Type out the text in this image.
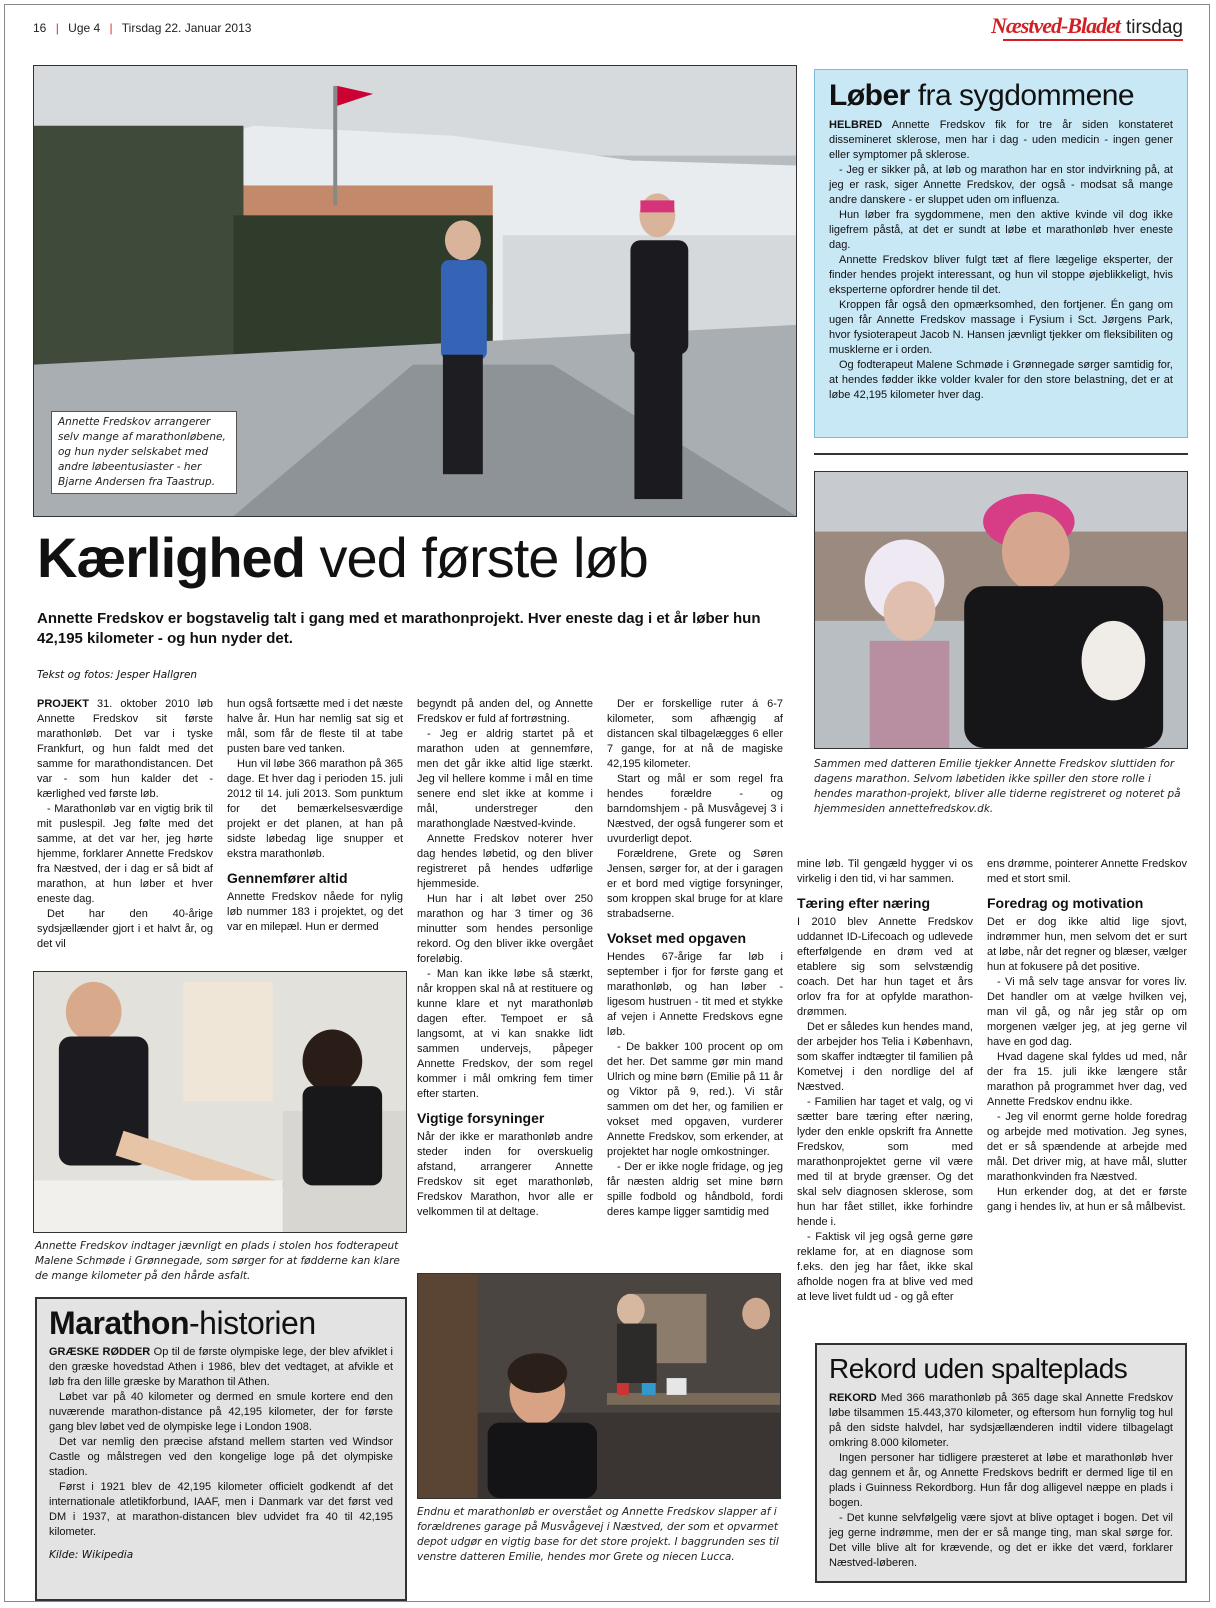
16 | Uge 4 | Tirsdag 22. Januar 2013	Næstved-Bladet tirsdag
Annette Fredskov arrangerer selv mange af marathonløbene, og hun nyder selskabet med andre løbeentusiaster - her Bjarne Andersen fra Taastrup.
Løber fra sygdommene

HELBRED Annette Fredskov fik for tre år siden konstateret dissemineret sklerose, men har i dag - uden medicin - ingen gener eller symptomer på sklerose.

- Jeg er sikker på, at løb og marathon har en stor indvirkning på, at jeg er rask, siger Annette Fredskov, der også - modsat så mange andre danskere - er sluppet uden om influenza.

Hun løber fra sygdommene, men den aktive kvinde vil dog ikke ligefrem påstå, at det er sundt at løbe et marathonløb hver eneste dag.

Annette Fredskov bliver fulgt tæt af flere lægelige eksperter, der finder hendes projekt interessant, og hun vil stoppe øjeblikkeligt, hvis eksperterne opfordrer hende til det.

Kroppen får også den opmærksomhed, den fortjener. Én gang om ugen får Annette Fredskov massage i Fysium i Sct. Jørgens Park, hvor fysioterapeut Jacob N. Hansen jævnligt tjekker om fleksibiliten og musklerne er i orden.

Og fodterapeut Malene Schmøde i Grønnegade sørger samtidig for, at hendes fødder ikke volder kvaler for den store belastning, det er at løbe 42,195 kilometer hver dag.

Sammen med datteren Emilie tjekker Annette Fredskov sluttiden for dagens marathon. Selvom løbetiden ikke spiller den store rolle i hendes marathon-projekt, bliver alle tiderne registreret og noteret på hjemmesiden annettefredskov.dk.
Kærlighed ved første løb
Annette Fredskov er bogstavelig talt i gang med et marathonprojekt. Hver eneste dag i et år løber hun 42,195 kilometer - og hun nyder det.
Tekst og fotos: Jesper Hallgren

PROJEKT 31. oktober 2010 løb Annette Fredskov sit første marathonløb. Det var i tyske Frankfurt, og hun faldt med det samme for marathondistancen. Det var - som hun kalder det - kærlighed ved første løb.

- Marathonløb var en vigtig brik til mit puslespil. Jeg følte med det samme, at det var her, jeg hørte hjemme, forklarer Annette Fredskov fra Næstved, der i dag er så bidt af marathon, at hun løber et hver eneste dag.

Det har den 40-årige sydsjællænder gjort i et halvt år, og det vil

hun også fortsætte med i det næste halve år. Hun har nemlig sat sig et mål, som får de fleste til at tabe pusten bare ved tanken.

Hun vil løbe 366 marathon på 365 dage. Et hver dag i perioden 15. juli 2012 til 14. juli 2013. Som punktum for det bemærkelsesværdige projekt er det planen, at han på sidste løbedag lige snupper et ekstra marathonløb.

Gennemfører altid

Annette Fredskov nåede for nylig løb nummer 183 i projektet, og det var en milepæl. Hun er dermed

begyndt på anden del, og Annette Fredskov er fuld af fortrøstning.

- Jeg er aldrig startet på et marathon uden at gennemføre, men det går ikke altid lige stærkt. Jeg vil hellere komme i mål en time senere end slet ikke at komme i mål, understreger den marathonglade Næstved-kvinde.

Annette Fredskov noterer hver dag hendes løbetid, og den bliver registreret på hendes udførlige hjemmeside.

Hun har i alt løbet over 250 marathon og har 3 timer og 36 minutter som hendes personlige rekord. Og den bliver ikke overgået foreløbig.

- Man kan ikke løbe så stærkt, når kroppen skal nå at restituere og kunne klare et nyt marathonløb dagen efter. Tempoet er så langsomt, at vi kan snakke lidt sammen undervejs, påpeger Annette Fredskov, der som regel kommer i mål omkring fem timer efter starten.

Vigtige forsyninger

Når der ikke er marathonløb andre steder inden for overskuelig afstand, arrangerer Annette Fredskov sit eget marathonløb, Fredskov Marathon, hvor alle er velkommen til at deltage.

Der er forskellige ruter á 6-7 kilometer, som afhængig af distancen skal tilbagelægges 6 eller 7 gange, for at nå de magiske 42,195 kilometer.

Start og mål er som regel fra hendes forældre - og barndomshjem - på Musvågevej 3 i Næstved, der også fungerer som et uvurderligt depot.

Forældrene, Grete og Søren Jensen, sørger for, at der i garagen er et bord med vigtige forsyninger, som kroppen skal bruge for at klare strabadserne.

Vokset med opgaven

Hendes 67-årige far løb i september i fjor for første gang et marathonløb, og han løber - ligesom hustruen - tit med et stykke af vejen i Annette Fredskovs egne løb.

- De bakker 100 procent op om det her. Det samme gør min mand Ulrich og mine børn (Emilie på 11 år og Viktor på 9, red.). Vi står sammen om det her, og familien er vokset med opgaven, vurderer Annette Fredskov, som erkender, at projektet har nogle omkostninger.

- Der er ikke nogle fridage, og jeg får næsten aldrig set mine børn spille fodbold og håndbold, fordi deres kampe ligger samtidig med

mine løb. Til gengæld hygger vi os virkelig i den tid, vi har sammen.

Tæring efter næring

I 2010 blev Annette Fredskov uddannet ID-Lifecoach og udlevede efterfølgende en drøm ved at etablere sig som selvstændig coach. Det har hun taget et års orlov fra for at opfylde marathon-drømmen.

Det er således kun hendes mand, der arbejder hos Telia i København, som skaffer indtægter til familien på Kometvej i den nordlige del af Næstved.

- Familien har taget et valg, og vi sætter bare tæring efter næring, lyder den enkle opskrift fra Annette Fredskov, som med marathonprojektet gerne vil være med til at bryde grænser. Og det skal selv diagnosen sklerose, som hun har fået stillet, ikke forhindre hende i.

- Faktisk vil jeg også gerne gøre reklame for, at en diagnose som f.eks. den jeg har fået, ikke skal afholde nogen fra at blive ved med at leve livet fuldt ud - og gå efter

ens drømme, pointerer Annette Fredskov med et stort smil.

Foredrag og motivation

Det er dog ikke altid lige sjovt, indrømmer hun, men selvom det er surt at løbe, når det regner og blæser, vælger hun at fokusere på det positive.

- Vi må selv tage ansvar for vores liv. Det handler om at vælge hvilken vej, man vil gå, og når jeg står op om morgenen vælger jeg, at jeg gerne vil have en god dag.

Hvad dagene skal fyldes ud med, når der fra 15. juli ikke længere står marathon på programmet hver dag, ved Annette Fredskov endnu ikke.

- Jeg vil enormt gerne holde foredrag og arbejde med motivation. Jeg synes, det er så spændende at arbejde med mål. Det driver mig, at have mål, slutter marathonkvinden fra Næstved.

Hun erkender dog, at det er første gang i hendes liv, at hun er så målbevist.

Annette Fredskov indtager jævnligt en plads i stolen hos fodterapeut Malene Schmøde i Grønnegade, som sørger for at fødderne kan klare de mange kilometer på den hårde asfalt.
Marathon-historien

GRÆSKE RØDDER Op til de første olympiske lege, der blev afviklet i den græske hovedstad Athen i 1986, blev det vedtaget, at afvikle et løb fra den lille græske by Marathon til Athen.

Løbet var på 40 kilometer og dermed en smule kortere end den nuværende marathon-distance på 42,195 kilometer, der for første gang blev løbet ved de olympiske lege i London 1908.

Det var nemlig den præcise afstand mellem starten ved Windsor Castle og målstregen ved den kongelige loge på det olympiske stadion.

Først i 1921 blev de 42,195 kilometer officielt godkendt af det internationale atletikforbund, IAAF, men i Danmark var det først ved DM i 1937, at marathon-distancen blev udvidet fra 40 til 42,195 kilometer.

Kilde: Wikipedia

Endnu et marathonløb er overstået og Annette Fredskov slapper af i forældrenes garage på Musvågevej i Næstved, der som et opvarmet depot udgør en vigtig base for det store projekt. I baggrunden ses til venstre datteren Emilie, hendes mor Grete og niecen Lucca.
Rekord uden spalteplads

REKORD Med 366 marathonløb på 365 dage skal Annette Fredskov løbe tilsammen 15.443,370 kilometer, og eftersom hun fornylig tog hul på den sidste halvdel, har sydsjællænderen indtil videre tilbagelagt omkring 8.000 kilometer.

Ingen personer har tidligere præsteret at løbe et marathonløb hver dag gennem et år, og Annette Fredskovs bedrift er dermed lige til en plads i Guinness Rekordborg. Hun får dog alligevel næppe en plads i bogen.

- Det kunne selvfølgelig være sjovt at blive optaget i bogen. Det vil jeg gerne indrømme, men der er så mange ting, man skal sørge for. Det ville blive alt for krævende, og det er ikke det værd, forklarer Næstved-løberen.
